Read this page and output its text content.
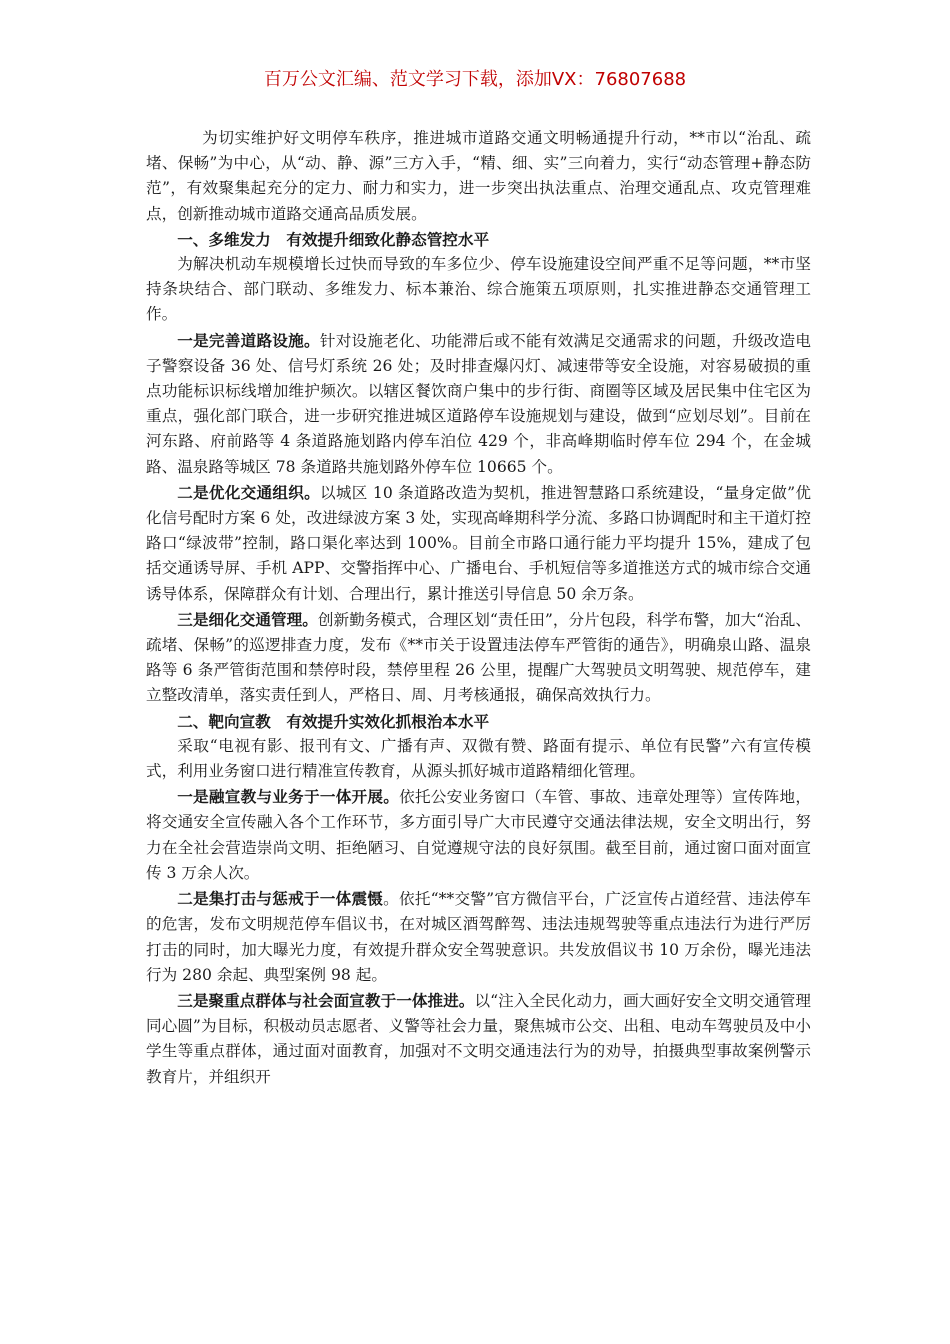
百万公文汇编、范文学习下载，添加VX：76807688

为切实维护好文明停车秩序，推进城市道路交通文明畅通提升行动，**市以“治乱、疏堵、保畅”为中心，从“动、静、源”三方入手，“精、细、实”三向着力，实行“动态管理+静态防范”，有效聚集起充分的定力、耐力和实力，进一步突出执法重点、治理交通乱点、攻克管理难点，创新推动城市道路交通高品质发展。

一、多维发力　有效提升细致化静态管控水平

为解决机动车规模增长过快而导致的车多位少、停车设施建设空间严重不足等问题，**市坚持条块结合、部门联动、多维发力、标本兼治、综合施策五项原则，扎实推进静态交通管理工作。

一是完善道路设施。针对设施老化、功能滞后或不能有效满足交通需求的问题，升级改造电子警察设备 36 处、信号灯系统 26 处；及时排查爆闪灯、减速带等安全设施，对容易破损的重点功能标识标线增加维护频次。以辖区餐饮商户集中的步行街、商圈等区域及居民集中住宅区为重点，强化部门联合，进一步研究推进城区道路停车设施规划与建设，做到“应划尽划”。目前在河东路、府前路等 4 条道路施划路内停车泊位 429 个，非高峰期临时停车位 294 个，在金城路、温泉路等城区 78 条道路共施划路外停车位 10665 个。

二是优化交通组织。以城区 10 条道路改造为契机，推进智慧路口系统建设，“量身定做”优化信号配时方案 6 处，改进绿波方案 3 处，实现高峰期科学分流、多路口协调配时和主干道灯控路口“绿波带”控制，路口渠化率达到 100%。目前全市路口通行能力平均提升 15%，建成了包括交通诱导屏、手机 APP、交警指挥中心、广播电台、手机短信等多道推送方式的城市综合交通诱导体系，保障群众有计划、合理出行，累计推送引导信息 50 余万条。

三是细化交通管理。创新勤务模式，合理区划“责任田”，分片包段，科学布警，加大“治乱、疏堵、保畅”的巡逻排查力度，发布《**市关于设置违法停车严管街的通告》，明确泉山路、温泉路等 6 条严管街范围和禁停时段，禁停里程 26 公里，提醒广大驾驶员文明驾驶、规范停车，建立整改清单，落实责任到人，严格日、周、月考核通报，确保高效执行力。

二、靶向宣教　有效提升实效化抓根治本水平

采取“电视有影、报刊有文、广播有声、双微有赞、路面有提示、单位有民警”六有宣传模式，利用业务窗口进行精准宣传教育，从源头抓好城市道路精细化管理。

一是融宣教与业务于一体开展。依托公安业务窗口（车管、事故、违章处理等）宣传阵地，将交通安全宣传融入各个工作环节，多方面引导广大市民遵守交通法律法规，安全文明出行，努力在全社会营造崇尚文明、拒绝陋习、自觉遵规守法的良好氛围。截至目前，通过窗口面对面宣传 3 万余人次。

二是集打击与惩戒于一体震慑。依托“**交警”官方微信平台，广泛宣传占道经营、违法停车的危害，发布文明规范停车倡议书，在对城区酒驾醉驾、违法违规驾驶等重点违法行为进行严厉打击的同时，加大曝光力度，有效提升群众安全驾驶意识。共发放倡议书 10 万余份，曝光违法行为 280 余起、典型案例 98 起。

三是聚重点群体与社会面宣教于一体推进。以“注入全民化动力，画大画好安全文明交通管理同心圆”为目标，积极动员志愿者、义警等社会力量，聚焦城市公交、出租、电动车驾驶员及中小学生等重点群体，通过面对面教育，加强对不文明交通违法行为的劝导，拍摄典型事故案例警示教育片，并组织开
